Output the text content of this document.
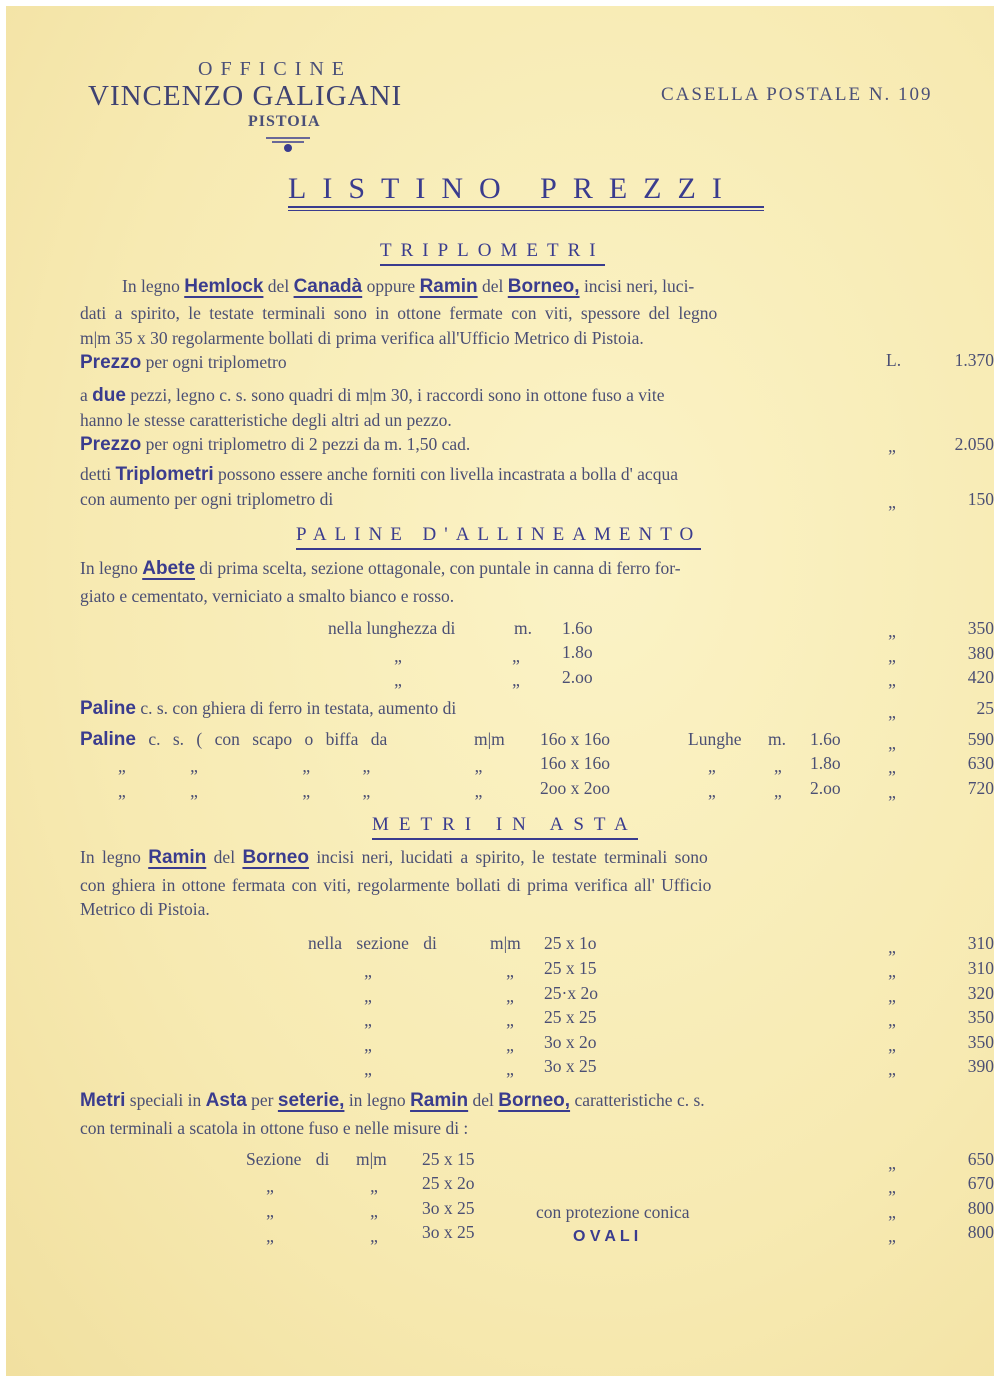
OFFICINE
VINCENZO GALIGANI
PISTOIA
CASELLA POSTALE N. 109
LISTINO PREZZI
TRIPLOMETRI
In legno Hemlock del Canadà oppure Ramin del Borneo, incisi neri, luci-
dati a spirito, le testate terminali sono in ottone fermate con viti, spessore del legno
m|m 35 x 30 regolarmente bollati di prima verifica all'Ufficio Metrico di Pistoia.
Prezzo per ogni triplometro	L.	1.370
a due pezzi, legno c. s. sono quadri di m|m 30, i raccordi sono in ottone fuso a vite
hanno le stesse caratteristiche degli altri ad un pezzo.
Prezzo per ogni triplometro di 2 pezzi da m. 1,50 cad.	„	2.050
detti Triplometri possono essere anche forniti con livella incastrata a bolla d' acqua
con aumento per ogni triplometro di	„	150
PALINE D'ALLINEAMENTO
In legno Abete di prima scelta, sezione ottagonale, con puntale in canna di ferro for-
giato e cementato, verniciato a smalto bianco e rosso.
nella lunghezza di	m. 1.6o	„	350
„	„	1.8o	„	380
„	„	2.oo	„	420
Paline c. s. con ghiera di ferro in testata, aumento di	„	25
Paline c. s. ( con scapo o biffa da	m|m 16o x 16o	Lunghe m. 1.6o	„	590
„	„	„	„	„	16o x 16o	„	„ 1.8o	„	630
„	„	„	„	„	2oo x 2oo	„	„ 2.oo	„	720
METRI IN ASTA
In legno Ramin del Borneo incisi neri, lucidati a spirito, le testate terminali sono
con ghiera in ottone fermata con viti, regolarmente bollati di prima verifica all' Ufficio
Metrico di Pistoia.
nella sezione di	m|m 25 x 1o	„	310
„	„	25 x 15	„	310
„	„	25·x 2o	„	320
„	„	25 x 25	„	350
„	„	3o x 2o	„	350
„	„	3o x 25	„	390
Metri speciali in Asta per seterie, in legno Ramin del Borneo, caratteristiche c. s.
con terminali a scatola in ottone fuso e nelle misure di :
Sezione di m|m 25 x 15	„	650
„	„	25 x 2o	„	670
„	„	3o x 25	con protezione conica	„	800
„	„	3o x 25	O V A L I	„	800
